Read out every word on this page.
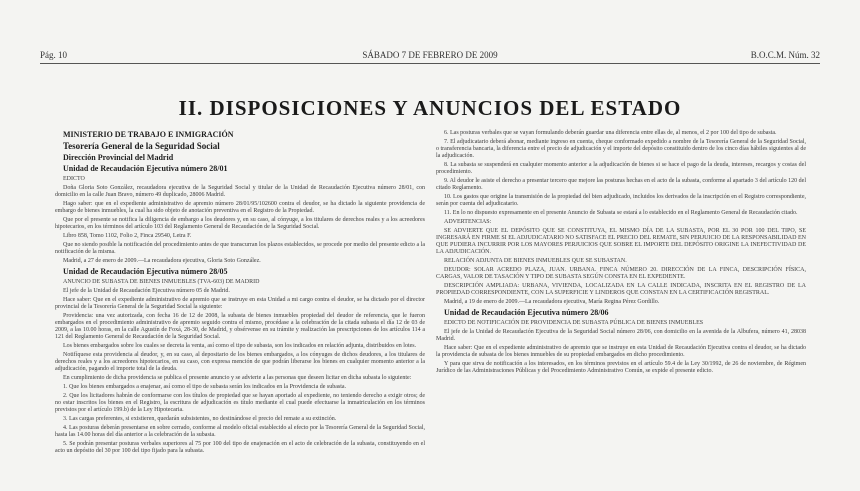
Pág. 10	SÁBADO 7 DE FEBRERO DE 2009	B.O.C.M. Núm. 32
II. DISPOSICIONES Y ANUNCIOS DEL ESTADO

MINISTERIO DE TRABAJO E INMIGRACIÓN

Tesorería General de la Seguridad Social

Dirección Provincial del Madrid

Unidad de Recaudación Ejecutiva número 28/01

EDICTO

Doña Gloria Soto González, recaudadora ejecutiva de la Seguridad Social y titular de la Unidad de Recaudación Ejecutiva número 28/01, con domicilio en la calle Juan Bravo, número 49 duplicado, 28006 Madrid.

Hago saber: que en el expediente administrativo de apremio número 28/01/95/102600 contra el deudor, se ha dictado la siguiente providencia de embargo de bienes inmuebles, la cual ha sido objeto de anotación preventiva en el Registro de la Propiedad.

Que por el presente se notifica la diligencia de embargo a los deudores y, en su caso, al cónyuge, a los titulares de derechos reales y a los acreedores hipotecarios, en los términos del artículo 103 del Reglamento General de Recaudación de la Seguridad Social.

Libro 858, Tomo 1102, Folio 2, Finca 29540, Letra F.

Que no siendo posible la notificación del procedimiento antes de que transcurran los plazos establecidos, se procede por medio del presente edicto a la notificación de la misma.

Madrid, a 27 de enero de 2009.—La recaudadora ejecutiva, Gloria Soto González.

Unidad de Recaudación Ejecutiva número 28/05

ANUNCIO DE SUBASTA DE BIENES INMUEBLES (TVA-603) DE MADRID

El jefe de la Unidad de Recaudación Ejecutiva número 05 de Madrid.

Hace saber: Que en el expediente administrativo de apremio que se instruye en esta Unidad a mi cargo contra el deudor, se ha dictado por el director provincial de la Tesorería General de la Seguridad Social la siguiente:

Providencia: una vez autorizada, con fecha 16 de 12 de 2008, la subasta de bienes inmuebles propiedad del deudor de referencia, que le fueron embargados en el procedimiento administrativo de apremio seguido contra el mismo, procédase a la celebración de la citada subasta el día 12 de 03 de 2009, a las 10.00 horas, en la calle Agustín de Foxá, 28-30, de Madrid, y obsérvense en su trámite y realización las prescripciones de los artículos 114 a 121 del Reglamento General de Recaudación de la Seguridad Social.

Los bienes embargados sobre los cuales se decreta la venta, así como el tipo de subasta, son los indicados en relación adjunta, distribuidos en lotes.

Notifíquese esta providencia al deudor, y, en su caso, al depositario de los bienes embargados, a los cónyuges de dichos deudores, a los titulares de derechos reales y a los acreedores hipotecarios, en su caso, con expresa mención de que podrán liberarse los bienes en cualquier momento anterior a la adjudicación, pagando el importe total de la deuda.

En cumplimiento de dicha providencia se publica el presente anuncio y se advierte a las personas que deseen licitar en dicha subasta lo siguiente:

1. Que los bienes embargados a enajenar, así como el tipo de subasta serán los indicados en la Providencia de subasta.

2. Que los licitadores habrán de conformarse con los títulos de propiedad que se hayan aportado al expediente, no teniendo derecho a exigir otros; de no estar inscritos los bienes en el Registro, la escritura de adjudicación es título mediante el cual puede efectuarse la inmatriculación en los términos previstos por el artículo 199.b) de la Ley Hipotecaria.

3. Las cargas preferentes, si existieren, quedarán subsistentes, no destinándose el precio del remate a su extinción.

4. Las posturas deberán presentarse en sobre cerrado, conforme al modelo oficial establecido al efecto por la Tesorería General de la Seguridad Social, hasta las 14.00 horas del día anterior a la celebración de la subasta.

5. Se podrán presentar posturas verbales superiores al 75 por 100 del tipo de enajenación en el acto de celebración de la subasta, constituyendo en el acto un depósito del 30 por 100 del tipo fijado para la subasta.

6. Las posturas verbales que se vayan formulando deberán guardar una diferencia entre ellas de, al menos, el 2 por 100 del tipo de subasta.

7. El adjudicatario deberá abonar, mediante ingreso en cuenta, cheque conformado expedido a nombre de la Tesorería General de la Seguridad Social, o transferencia bancaria, la diferencia entre el precio de adjudicación y el importe del depósito constituido dentro de los cinco días hábiles siguientes al de la adjudicación.

8. La subasta se suspenderá en cualquier momento anterior a la adjudicación de bienes si se hace el pago de la deuda, intereses, recargos y costas del procedimiento.

9. Al deudor le asiste el derecho a presentar tercero que mejore las posturas hechas en el acto de la subasta, conforme al apartado 3 del artículo 120 del citado Reglamento.

10. Los gastos que origine la transmisión de la propiedad del bien adjudicado, incluidos los derivados de la inscripción en el Registro correspondiente, serán por cuenta del adjudicatario.

11. En lo no dispuesto expresamente en el presente Anuncio de Subasta se estará a lo establecido en el Reglamento General de Recaudación citado.

ADVERTENCIAS:

SE ADVIERTE QUE EL DEPÓSITO QUE SE CONSTITUYA, EL MISMO DÍA DE LA SUBASTA, POR EL 30 POR 100 DEL TIPO, SE INGRESARÁ EN FIRME SI EL ADJUDICATARIO NO SATISFACE EL PRECIO DEL REMATE, SIN PERJUICIO DE LA RESPONSABILIDAD EN QUE PUDIERA INCURRIR POR LOS MAYORES PERJUICIOS QUE SOBRE EL IMPORTE DEL DEPÓSITO ORIGINE LA INEFECTIVIDAD DE LA ADJUDICACIÓN.

RELACIÓN ADJUNTA DE BIENES INMUEBLES QUE SE SUBASTAN.

DEUDOR: SOLAR ACREDO PLAZA, JUAN. URBANA. FINCA NÚMERO 20. DIRECCIÓN DE LA FINCA, DESCRIPCIÓN FÍSICA, CARGAS, VALOR DE TASACIÓN Y TIPO DE SUBASTA SEGÚN CONSTA EN EL EXPEDIENTE.

DESCRIPCIÓN AMPLIADA: URBANA, VIVIENDA, LOCALIZADA EN LA CALLE INDICADA, INSCRITA EN EL REGISTRO DE LA PROPIEDAD CORRESPONDIENTE, CON LA SUPERFICIE Y LINDEROS QUE CONSTAN EN LA CERTIFICACIÓN REGISTRAL.

Madrid, a 19 de enero de 2009.—La recaudadora ejecutiva, María Regina Pérez Gordillo.

Unidad de Recaudación Ejecutiva número 28/06

EDICTO DE NOTIFICACIÓN DE PROVIDENCIA DE SUBASTA PÚBLICA DE BIENES INMUEBLES

El jefe de la Unidad de Recaudación Ejecutiva de la Seguridad Social número 28/06, con domicilio en la avenida de la Albufera, número 41, 28038 Madrid.

Hace saber: Que en el expediente administrativo de apremio que se instruye en esta Unidad de Recaudación Ejecutiva contra el deudor, se ha dictado la providencia de subasta de los bienes inmuebles de su propiedad embargados en dicho procedimiento.

Y para que sirva de notificación a los interesados, en los términos previstos en el artículo 59.4 de la Ley 30/1992, de 26 de noviembre, de Régimen Jurídico de las Administraciones Públicas y del Procedimiento Administrativo Común, se expide el presente edicto.
